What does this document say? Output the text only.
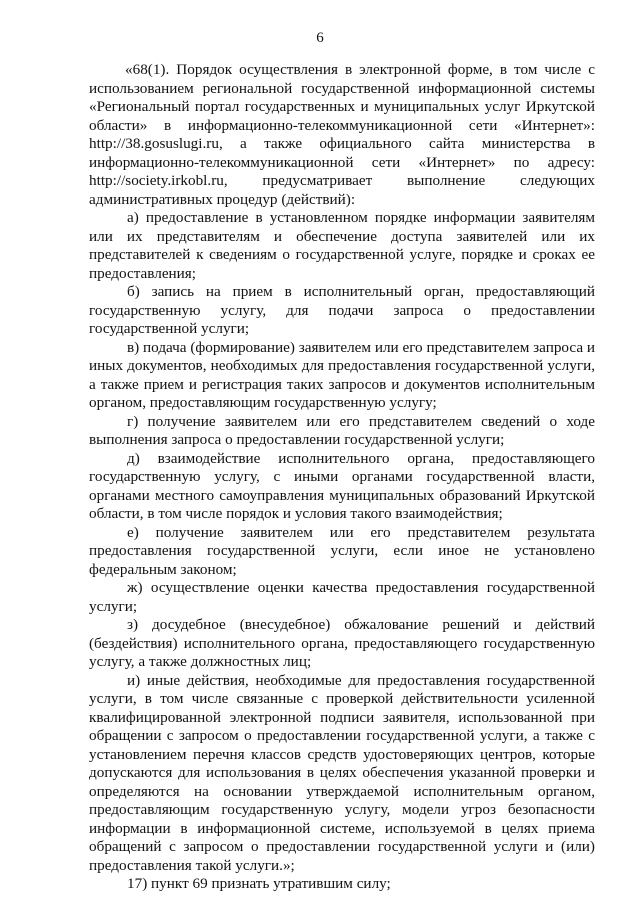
6

«68(1). Порядок осуществления в электронной форме, в том числе с использованием региональной государственной информационной системы «Региональный портал государственных и муниципальных услуг Иркутской области» в информационно-телекоммуникационной сети «Интернет»: http://38.gosuslugi.ru, а также официального сайта министерства в информационно-телекоммуникационной сети «Интернет» по адресу: http://society.irkobl.ru, предусматривает выполнение следующих административных процедур (действий):

а) предоставление в установленном порядке информации заявителям или их представителям и обеспечение доступа заявителей или их представителей к сведениям о государственной услуге, порядке и сроках ее предоставления;

б) запись на прием в исполнительный орган, предоставляющий государственную услугу, для подачи запроса о предоставлении государственной услуги;

в) подача (формирование) заявителем или его представителем запроса и иных документов, необходимых для предоставления государственной услуги, а также прием и регистрация таких запросов и документов исполнительным органом, предоставляющим государственную услугу;

г) получение заявителем или его представителем сведений о ходе выполнения запроса о предоставлении государственной услуги;

д) взаимодействие исполнительного органа, предоставляющего государственную услугу, с иными органами государственной власти, органами местного самоуправления муниципальных образований Иркутской области, в том числе порядок и условия такого взаимодействия;

е) получение заявителем или его представителем результата предоставления государственной услуги, если иное не установлено федеральным законом;

ж) осуществление оценки качества предоставления государственной услуги;

з) досудебное (внесудебное) обжалование решений и действий (бездействия) исполнительного органа, предоставляющего государственную услугу, а также должностных лиц;

и) иные действия, необходимые для предоставления государственной услуги, в том числе связанные с проверкой действительности усиленной квалифицированной электронной подписи заявителя, использованной при обращении с запросом о предоставлении государственной услуги, а также с установлением перечня классов средств удостоверяющих центров, которые допускаются для использования в целях обеспечения указанной проверки и определяются на основании утверждаемой исполнительным органом, предоставляющим государственную услугу, модели угроз безопасности информации в информационной системе, используемой в целях приема обращений с запросом о предоставлении государственной услуги и (или) предоставления такой услуги.»;

17) пункт 69 признать утратившим силу;
